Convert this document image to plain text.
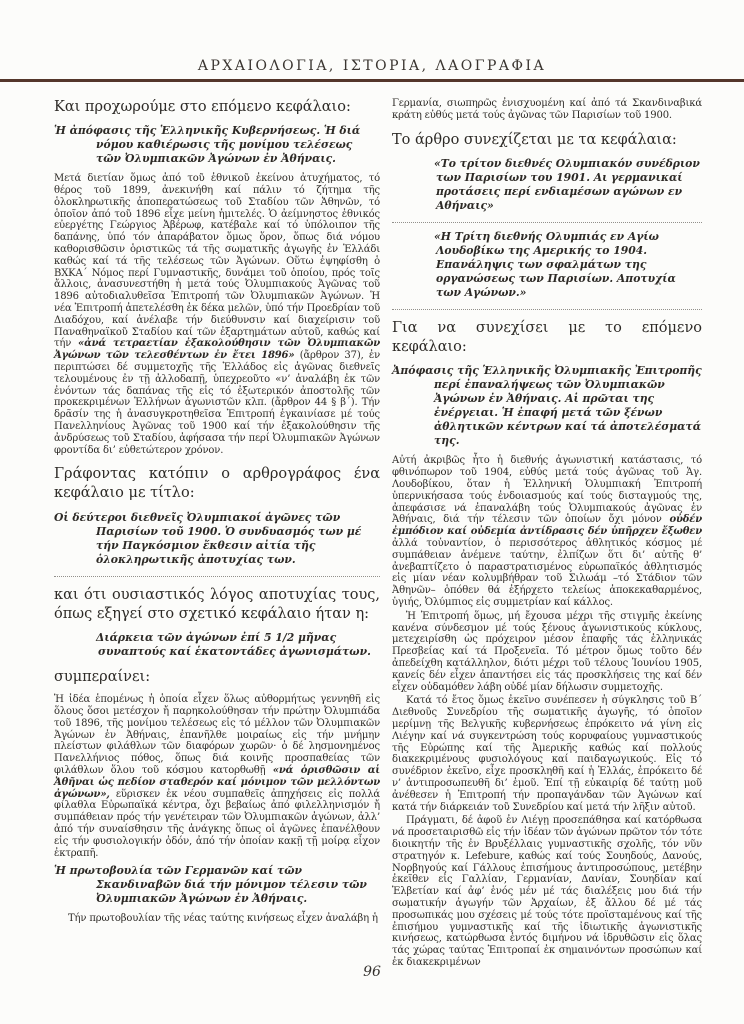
ΑΡΧΑΙΟΛΟΓΙΑ, ΙΣΤΟΡΙΑ, ΛΑΟΓΡΑΦΙΑ
Και προχωρούμε στο επόμενο κεφάλαιο:
Ἡ ἀπόφασις τῆς Ἑλληνικῆς Κυβερνήσεως. Ἡ διά νόμου καθιέρωσις τῆς μονίμου τελέσεως τῶν Ὀλυμπιακῶν Ἀγώνων ἐν Ἀθήναις.
Μετά διετίαν ὅμως ἀπό τοῦ ἐθνικοῦ ἐκείνου ἀτυχήματος, τό θέρος τοῦ 1899, ἀνεκινήθη καί πάλιν τό ζήτημα τῆς ὁλοκληρωτικῆς ἀποπερατώσεως τοῦ Σταδίου τῶν Ἀθηνῶν, τό ὁποῖον ἀπό τοῦ 1896 εἶχε μείνη ἡμιτελές. Ὁ ἀείμνηστος ἐθνικός εὐεργέτης Γεώργιος Ἀβέρωφ, κατέβαλε καί τό ὑπόλοιπον τῆς δαπάνης, ὑπό τόν ἀπαράβατον ὅμως ὅρον, ὅπως διά νόμου καθορισθῶσιν ὁριστικῶς τά τῆς σωματικῆς ἀγωγῆς ἐν Ἑλλάδι καθώς καί τά τῆς τελέσεως τῶν Ἀγώνων. Οὕτω ἐψηφίσθη ὁ ΒΧΚΑ΄ Νόμος περί Γυμναστικῆς, δυνάμει τοῦ ὁποίου, πρός τοῖς ἄλλοις, ἀνασυνεστήθη ἡ μετά τούς Ὀλυμπιακούς Ἀγῶνας τοῦ 1896 αὐτοδιαλυθεῖσα Ἐπιτροπή τῶν Ὀλυμπιακῶν Ἀγώνων. Ἡ νέα Ἐπιτροπή ἀπετελέσθη ἐκ δέκα μελῶν, ὑπό τήν Προεδρίαν τοῦ Διαδόχου, καί ἀνέλαβε τήν διεύθυνσιν καί διαχείρισιν τοῦ Παναθηναϊκοῦ Σταδίου καί τῶν ἐξαρτημάτων αὐτοῦ, καθώς καί τήν «ἀνά τετραετίαν ἐξακολούθησιν τῶν Ὀλυμπιακῶν Ἀγώνων τῶν τελεσθέντων ἐν ἔτει 1896» (ἄρθρον 37), ἐν περιπτώσει δέ συμμετοχῆς τῆς Ἑλλάδος εἰς ἀγῶνας διεθνεῖς τελουμένους ἐν τῇ ἀλλοδαπῇ, ὑπεχρεοῦτο «ν’ ἀναλάβη ἐκ τῶν ἐνόντων τάς δαπάνας τῆς εἰς τό ἐξωτερικόν ἀποστολῆς τῶν προκεκριμένων Ἑλλήνων ἀγωνιστῶν κλπ. (ἄρθρον 44 § β΄). Τήν δρᾶσίν της ἡ ἀνασυγκροτηθεῖσα Ἐπιτροπή ἐγκαινίασε μέ τούς Πανελληνίους Ἀγῶνας τοῦ 1900 καί τήν ἐξακολούθησιν τῆς ἀνδρύσεως τοῦ Σταδίου, ἀφήσασα τήν περί Ὀλυμπιακῶν Ἀγώνων φροντίδα δι’ εὐθετώτερον χρόνον.
Γράφοντας κατόπιν ο αρθρογράφος ένα κεφάλαιο με τίτλο:
Οἱ δεύτεροι διεθνεῖς Ὀλυμπιακοί ἀγῶνες τῶν Παρισίων τοῦ 1900. Ὁ συνδυασμός των μέ τήν Παγκόσμιον ἔκθεσιν αἰτία τῆς ὁλοκληρωτικῆς ἀποτυχίας των.
και ότι ουσιαστικός λόγος αποτυχίας τους, όπως εξηγεί στο σχετικό κεφάλαιο ήταν η:
Διάρκεια τῶν ἀγώνων ἐπί 5 1/2 μῆνας συναπτούς καί ἑκατοντάδες ἀγωνισμάτων.
συμπεραίνει:
Ἡ ἰδέα ἑπομένως ἡ ὁποία εἶχεν ὅλως αὐθορμήτως γεννηθῆ εἰς ὅλους ὅσοι μετέσχον ἤ παρηκολούθησαν τήν πρώτην Ὀλυμπιάδα τοῦ 1896, τῆς μονίμου τελέσεως εἰς τό μέλλον τῶν Ὀλυμπιακῶν Ἀγώνων ἐν Ἀθήναις, ἐπανῆλθε μοιραίως εἰς τήν μνήμην πλείστων φιλάθλων τῶν διαφόρων χωρῶν· ὁ δέ λησμονημένος Πανελλήνιος πόθος, ὅπως διά κοινῆς προσπαθείας τῶν φιλάθλων ὅλου τοῦ κόσμου κατορθωθῇ «νά ὁρισθῶσιν αἱ Ἀθῆναι ὡς πεδίον σταθερόν καί μόνιμον τῶν μελλόντων ἀγώνων», εὕρισκεν ἐκ νέου συμπαθεῖς ἀπηχήσεις εἰς πολλά φίλαθλα Εὐρωπαϊκά κέντρα, ὄχι βεβαίως ἀπό φιλελληνισμόν ἤ συμπάθειαν πρός τήν γενέτειραν τῶν Ὀλυμπιακῶν ἀγώνων, ἀλλ’ ἀπό τήν συναίσθησιν τῆς ἀνάγκης ὅπως οἱ ἀγῶνες ἐπανέλθουν εἰς τήν φυσιολογικήν ὁδόν, ἀπό τήν ὁποίαν κακῇ τῇ μοίρᾳ εἶχον ἐκτραπῆ.
Ἡ πρωτοβουλία τῶν Γερμανῶν καί τῶν Σκανδιναβῶν διά τήν μόνιμον τέλεσιν τῶν Ὀλυμπιακῶν Ἀγώνων ἐν Ἀθήναις.
Τήν πρωτοβουλίαν τῆς νέας ταύτης κινήσεως εἶχεν ἀναλάβη ἡ
Γερμανία, σιωπηρῶς ἐνισχυομένη καί ἀπό τά Σκανδιναβικά κράτη εὐθύς μετά τούς ἀγῶνας τῶν Παρισίων τοῦ 1900.
Το άρθρο συνεχίζεται με τα κεφάλαια:
«Το τρίτον διεθνές Ολυμπιακόν συνέδριον των Παρισίων του 1901. Αι γερμανικαί προτάσεις περί ενδιαμέσων αγώνων εν Αθήναις»
«Η Τρίτη διεθνής Ολυμπιάς εν Αγίω Λουδοβίκω της Αμερικής το 1904. Επανάληψις των σφαλμάτων της οργανώσεως των Παρισίων. Αποτυχία των Αγώνων.»
Για να συνεχίσει με το επόμενο κεφάλαιο:
Ἀπόφασις τῆς Ἑλληνικῆς Ὀλυμπιακῆς Ἐπιτροπῆς περί ἐπαναλήψεως τῶν Ὀλυμπιακῶν Ἀγώνων ἐν Ἀθήναις. Αἱ πρῶται της ἐνέργειαι. Ἡ ἐπαφή μετά τῶν ξένων ἀθλητικῶν κέντρων καί τά ἀποτελέσματά της.
Αὐτή ἀκριβῶς ἦτο ἡ διεθνής ἀγωνιστική κατάστασις, τό φθινόπωρον τοῦ 1904, εὐθύς μετά τούς ἀγῶνας τοῦ Ἁγ. Λουδοβίκου, ὅταν ἡ Ἑλληνική Ὀλυμπιακή Ἐπιτροπή ὑπερνικήσασα τούς ἐνδοιασμούς καί τούς δισταγμούς της, ἀπεφάσισε νά ἐπαναλάβη τούς Ὀλυμπιακούς ἀγῶνας ἐν Ἀθήναις, διά τήν τέλεσιν τῶν ὁποίων ὄχι μόνον οὐδέν ἐμπόδιον καί οὐδεμία ἀντίδρασις δέν ὑπῆρχεν ἔξωθεν ἀλλά τοὐναντίον, ὁ περισσότερος ἀθλητικός κόσμος μέ συμπάθειαν ἀνέμενε ταύτην, ἐλπίζων ὅτι δι’ αὐτῆς θ’ ἀνεβαπτίζετο ὁ παραστρατισμένος εὐρωπαϊκός ἀθλητισμός εἰς μίαν νέαν κολυμβήθραν τοῦ Σιλωάμ –τό Στάδιον τῶν Ἀθηνῶν– ὁπόθεν θά ἐξήρχετο τελείως ἀποκεκαθαρμένος, ὑγιής, Ὀλύμπιος εἰς συμμετρίαν καί κάλλος.
Ἡ Ἐπιτροπή ὅμως, μή ἔχουσα μέχρι τῆς στιγμῆς ἐκείνης κανένα σύνδεσμον μέ τούς ξένους ἀγωνιστικούς κύκλους, μετεχειρίσθη ὡς πρόχειρον μέσον ἐπαφῆς τάς ἑλληνικάς Πρεσβείας καί τά Προξενεῖα. Τό μέτρον ὅμως τοῦτο δέν ἀπεδείχθη κατάλληλον, διότι μέχρι τοῦ τέλους Ἰουνίου 1905, κανείς δέν εἶχεν ἀπαντήσει εἰς τάς προσκλήσεις της καί δέν εἶχεν οὐδαμόθεν λάβη οὐδέ μίαν δήλωσιν συμμετοχῆς.
Κατά τό ἔτος ὅμως ἐκεῖνο συνέπεσεν ἡ σύγκλησις τοῦ Β΄ Διεθνοῦς Συνεδρίου τῆς σωματικῆς ἀγωγῆς, τό ὁποῖον μερίμνῃ τῆς Βελγικῆς κυβερνήσεως ἐπρόκειτο νά γίνη εἰς Λιέγην καί νά συγκεντρώση τούς κορυφαίους γυμναστικούς τῆς Εὐρώπης καί τῆς Ἀμερικῆς καθώς καί πολλούς διακεκριμένους φυσιολόγους καί παιδαγωγικούς. Εἰς τό συνέδριον ἐκεῖνο, εἶχε προσκληθῆ καί ἡ Ἑλλάς, ἐπρόκειτο δέ ν’ ἀντιπροσωπευθῆ δι’ ἐμοῦ. Ἐπί τῇ εὐκαιρίᾳ δέ ταύτῃ μοῦ ἀνέθεσεν ἡ Ἐπιτροπή τήν προπαγάνδαν τῶν Ἀγώνων καί κατά τήν διάρκειάν τοῦ Συνεδρίου καί μετά τήν λῆξιν αὐτοῦ.
Πράγματι, δέ ἀφοῦ ἐν Λιέγῃ προσεπάθησα καί κατόρθωσα νά προσεταιρισθῶ εἰς τήν ἰδέαν τῶν ἀγώνων πρῶτον τόν τότε διοικητήν τῆς ἐν Βρυξέλλαις γυμναστικῆς σχολῆς, τόν νῦν στρατηγόν κ. Lefebure, καθώς καί τούς Σουηδούς, Δανούς, Νορβηγούς καί Γάλλους ἐπισήμους ἀντιπροσώπους, μετέβην ἐκεῖθεν εἰς Γαλλίαν, Γερμανίαν, Δανίαν, Σουηδίαν καί Ἑλβετίαν καί ἀφ’ ἑνός μέν μέ τάς διαλέξεις μου διά τήν σωματικήν ἀγωγήν τῶν Ἀρχαίων, ἐξ ἄλλου δέ μέ τάς προσωπικάς μου σχέσεις μέ τούς τότε προϊσταμένους καί τῆς ἐπισήμου γυμναστικῆς καί τῆς ἰδιωτικῆς ἀγωνιστικῆς κινήσεως, κατώρθωσα ἐντός διμήνου νά ἱδρυθῶσιν εἰς ὅλας τάς χώρας ταύτας Ἐπιτροπαί ἐκ σημαινόντων προσώπων καί ἐκ διακεκριμένων
96
